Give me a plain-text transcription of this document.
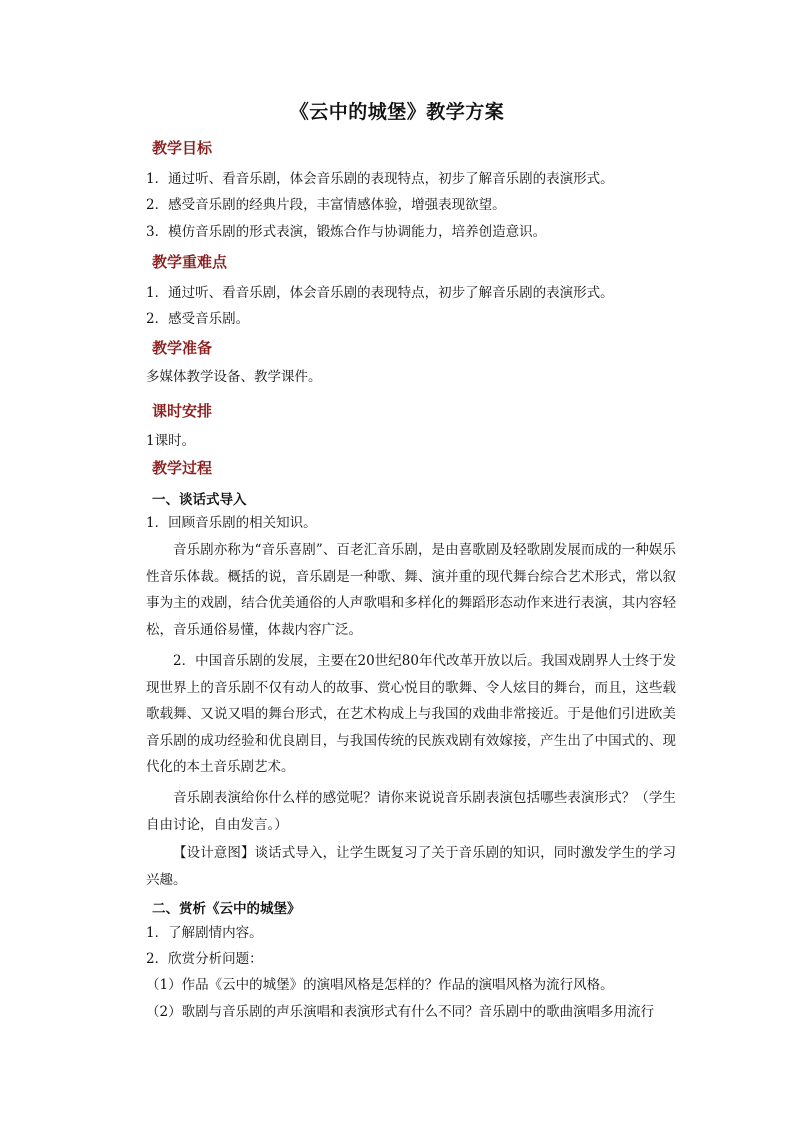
《云中的城堡》教学方案
教学目标
1．通过听、看音乐剧，体会音乐剧的表现特点，初步了解音乐剧的表演形式。
2．感受音乐剧的经典片段，丰富情感体验，增强表现欲望。
3．模仿音乐剧的形式表演，锻炼合作与协调能力，培养创造意识。
教学重难点
1．通过听、看音乐剧，体会音乐剧的表现特点，初步了解音乐剧的表演形式。
2．感受音乐剧。
教学准备
多媒体教学设备、教学课件。
课时安排
1课时。
教学过程
一、谈话式导入
1．回顾音乐剧的相关知识。
音乐剧亦称为“音乐喜剧”、百老汇音乐剧，是由喜歌剧及轻歌剧发展而成的一种娱乐性音乐体裁。概括的说，音乐剧是一种歌、舞、演并重的现代舞台综合艺术形式，常以叙事为主的戏剧，结合优美通俗的人声歌唱和多样化的舞蹈形态动作来进行表演，其内容轻松，音乐通俗易懂，体裁内容广泛。
2．中国音乐剧的发展，主要在20世纪80年代改革开放以后。我国戏剧界人士终于发现世界上的音乐剧不仅有动人的故事、赏心悦目的歌舞、令人炫目的舞台，而且，这些载歌载舞、又说又唱的舞台形式，在艺术构成上与我国的戏曲非常接近。于是他们引进欧美音乐剧的成功经验和优良剧目，与我国传统的民族戏剧有效嫁接，产生出了中国式的、现代化的本土音乐剧艺术。
音乐剧表演给你什么样的感觉呢？请你来说说音乐剧表演包括哪些表演形式？（学生自由讨论，自由发言。）
【设计意图】谈话式导入，让学生既复习了关于音乐剧的知识，同时激发学生的学习兴趣。
二、赏析《云中的城堡》
1．了解剧情内容。
2．欣赏分析问题：
（1）作品《云中的城堡》的演唱风格是怎样的？作品的演唱风格为流行风格。
（2）歌剧与音乐剧的声乐演唱和表演形式有什么不同？音乐剧中的歌曲演唱多用流行
